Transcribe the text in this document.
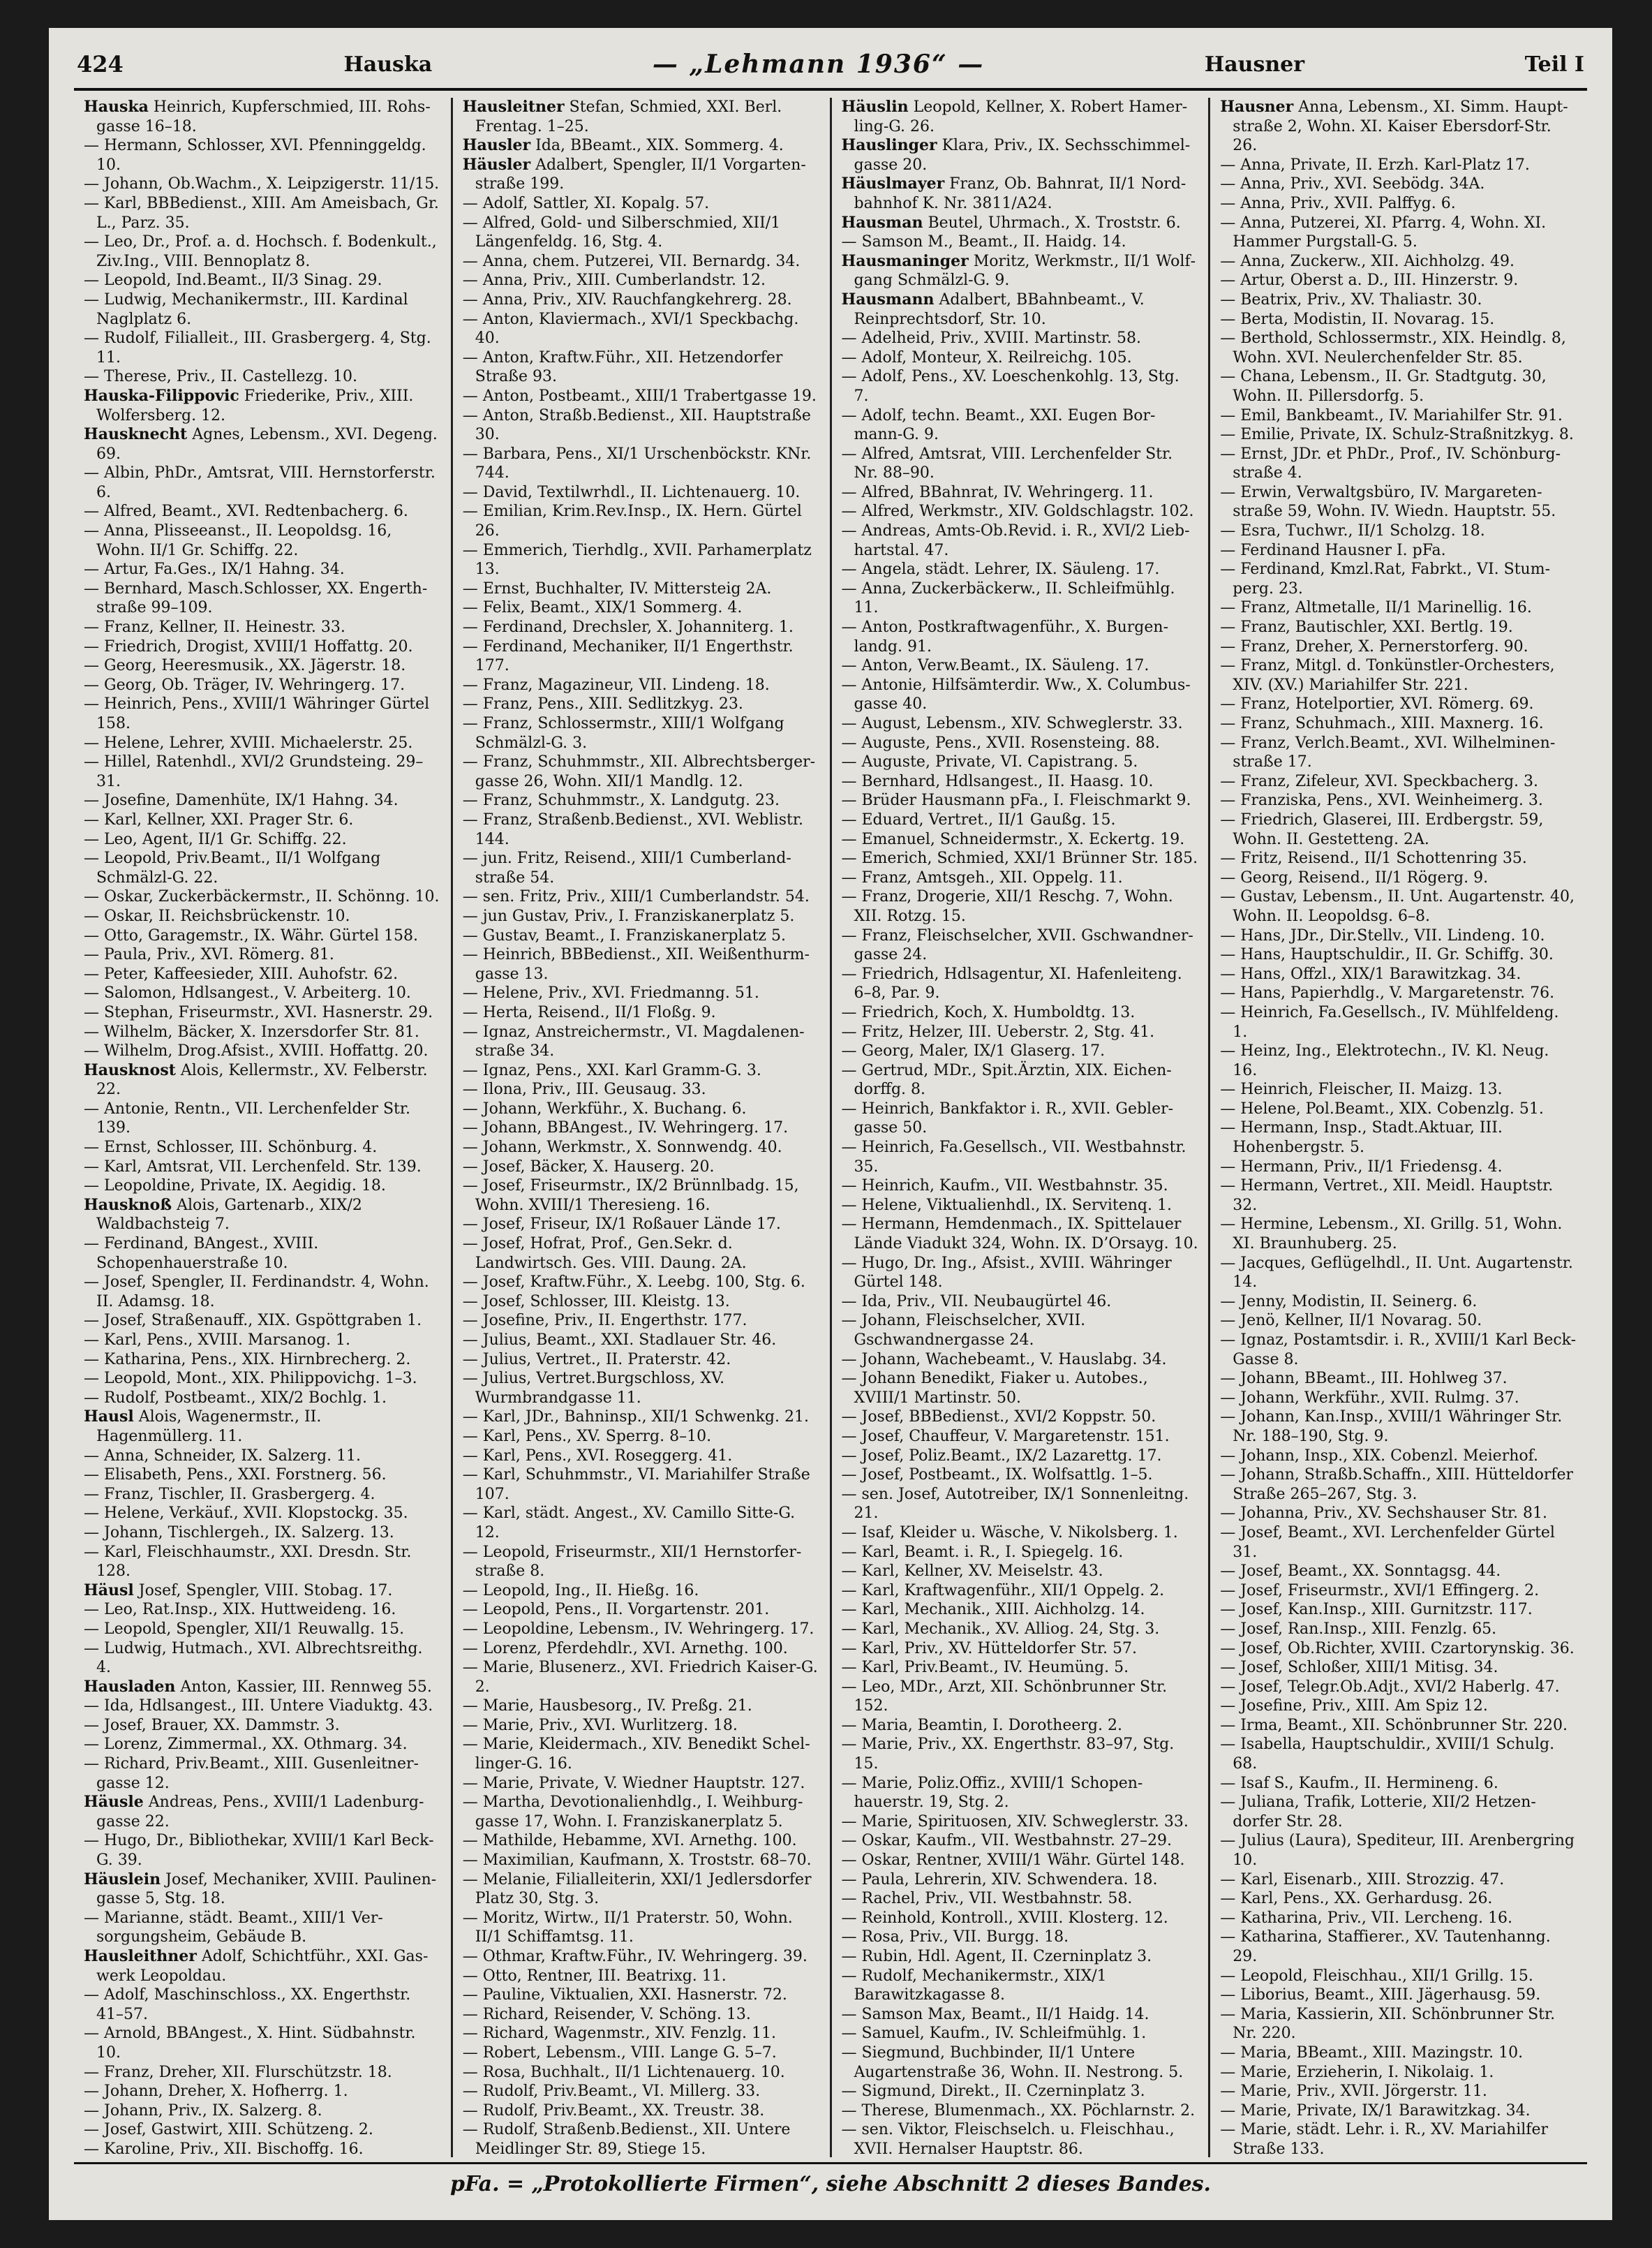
424	Hauska	— „Lehmann 1936“ —	Hausner	Teil I
Hauska Heinrich, Kupferschmied, III. Rohsgasse 16–18.
— Hermann, Schlosser, XVI. Pfenninggeldg. 10.
— Johann, Ob.Wachm., X. Leipzigerstr. 11/15.
— Karl, BBBedienst., XIII. Am Ameisbach, Gr. L., Parz. 35.
— Leo, Dr., Prof. a. d. Hochsch. f. Bodenkult., Ziv.Ing., VIII. Bennoplatz 8.
— Leopold, Ind.Beamt., II/3 Sinag. 29.
— Ludwig, Mechanikermstr., III. Kardinal Naglplatz 6.
— Rudolf, Filialleit., III. Grasbergerg. 4, Stg. 11.
— Therese, Priv., II. Castellezg. 10.
Hauska-Filippovic Friederike, Priv., XIII. Wolfersberg. 12.
Hausknecht Agnes, Lebensm., XVI. Degeng. 69.
— Albin, PhDr., Amtsrat, VIII. Hernstorferstr. 6.
— Alfred, Beamt., XVI. Redtenbacherg. 6.
— Anna, Plisseeanst., II. Leopoldsg. 16, Wohn. II/1 Gr. Schiffg. 22.
— Artur, Fa.Ges., IX/1 Hahng. 34.
— Bernhard, Masch.Schlosser, XX. Engerthstraße 99–109.
— Franz, Kellner, II. Heinestr. 33.
— Friedrich, Drogist, XVIII/1 Hoffattg. 20.
— Georg, Heeresmusik., XX. Jägerstr. 18.
— Georg, Ob. Träger, IV. Wehringerg. 17.
— Heinrich, Pens., XVIII/1 Währinger Gürtel 158.
— Helene, Lehrer, XVIII. Michaelerstr. 25.
— Hillel, Ratenhdl., XVI/2 Grundsteing. 29–31.
— Josefine, Damenhüte, IX/1 Hahng. 34.
— Karl, Kellner, XXI. Prager Str. 6.
— Leo, Agent, II/1 Gr. Schiffg. 22.
— Leopold, Priv.Beamt., II/1 Wolfgang Schmälzl-G. 22.
— Oskar, Zuckerbäckermstr., II. Schönng. 10.
— Oskar, II. Reichsbrückenstr. 10.
— Otto, Garagemstr., IX. Währ. Gürtel 158.
— Paula, Priv., XVI. Römerg. 81.
— Peter, Kaffeesieder, XIII. Auhofstr. 62.
— Salomon, Hdlsangest., V. Arbeiterg. 10.
— Stephan, Friseurmstr., XVI. Hasnerstr. 29.
— Wilhelm, Bäcker, X. Inzersdorfer Str. 81.
— Wilhelm, Drog.Afsist., XVIII. Hoffattg. 20.
Hausknost Alois, Kellermstr., XV. Felberstr. 22.
— Antonie, Rentn., VII. Lerchenfelder Str. 139.
— Ernst, Schlosser, III. Schönburg. 4.
— Karl, Amtsrat, VII. Lerchenfeld. Str. 139.
— Leopoldine, Private, IX. Aegidig. 18.
Hausknoß Alois, Gartenarb., XIX/2 Waldbachsteig 7.
— Ferdinand, BAngest., XVIII. Schopenhauerstraße 10.
— Josef, Spengler, II. Ferdinandstr. 4, Wohn. II. Adamsg. 18.
— Josef, Straßenauff., XIX. Gspöttgraben 1.
— Karl, Pens., XVIII. Marsanog. 1.
— Katharina, Pens., XIX. Hirnbrecherg. 2.
— Leopold, Mont., XIX. Philippovichg. 1–3.
— Rudolf, Postbeamt., XIX/2 Bochlg. 1.
Hausl Alois, Wagenermstr., II. Hagenmüllerg. 11.
— Anna, Schneider, IX. Salzerg. 11.
— Elisabeth, Pens., XXI. Forstnerg. 56.
— Franz, Tischler, II. Grasbergerg. 4.
— Helene, Verkäuf., XVII. Klopstockg. 35.
— Johann, Tischlergeh., IX. Salzerg. 13.
— Karl, Fleischhaumstr., XXI. Dresdn. Str. 128.
Häusl Josef, Spengler, VIII. Stobag. 17.
— Leo, Rat.Insp., XIX. Huttweideng. 16.
— Leopold, Spengler, XII/1 Reuwallg. 15.
— Ludwig, Hutmach., XVI. Albrechtsreithg. 4.
Hausladen Anton, Kassier, III. Rennweg 55.
— Ida, Hdlsangest., III. Untere Viaduktg. 43.
— Josef, Brauer, XX. Dammstr. 3.
— Lorenz, Zimmermal., XX. Othmarg. 34.
— Richard, Priv.Beamt., XIII. Gusenleitnergasse 12.
Häusle Andreas, Pens., XVIII/1 Ladenburggasse 22.
— Hugo, Dr., Bibliothekar, XVIII/1 Karl Beck-G. 39.
Häuslein Josef, Mechaniker, XVIII. Paulinengasse 5, Stg. 18.
— Marianne, städt. Beamt., XIII/1 Versorgungsheim, Gebäude B.
Hausleithner Adolf, Schichtführ., XXI. Gaswerk Leopoldau.
— Adolf, Maschinschloss., XX. Engerthstr. 41–57.
— Arnold, BBAngest., X. Hint. Südbahnstr. 10.
— Franz, Dreher, XII. Flurschützstr. 18.
— Johann, Dreher, X. Hofherrg. 1.
— Johann, Priv., IX. Salzerg. 8.
— Josef, Gastwirt, XIII. Schützeng. 2.
— Karoline, Priv., XII. Bischoffg. 16.
Hausleitner Stefan, Schmied, XXI. Berl. Frentag. 1–25.
Hausler Ida, BBeamt., XIX. Sommerg. 4.
Häusler Adalbert, Spengler, II/1 Vorgartenstraße 199.
— Adolf, Sattler, XI. Kopalg. 57.
— Alfred, Gold- und Silberschmied, XII/1 Längenfeldg. 16, Stg. 4.
— Anna, chem. Putzerei, VII. Bernardg. 34.
— Anna, Priv., XIII. Cumberlandstr. 12.
— Anna, Priv., XIV. Rauchfangkehrerg. 28.
— Anton, Klaviermach., XVI/1 Speckbachg. 40.
— Anton, Kraftw.Führ., XII. Hetzendorfer Straße 93.
— Anton, Postbeamt., XIII/1 Trabertgasse 19.
— Anton, Straßb.Bedienst., XII. Hauptstraße 30.
— Barbara, Pens., XI/1 Urschenböckstr. KNr. 744.
— David, Textilwrhdl., II. Lichtenauerg. 10.
— Emilian, Krim.Rev.Insp., IX. Hern. Gürtel 26.
— Emmerich, Tierhdlg., XVII. Parhamerplatz 13.
— Ernst, Buchhalter, IV. Mittersteig 2A.
— Felix, Beamt., XIX/1 Sommerg. 4.
— Ferdinand, Drechsler, X. Johanniterg. 1.
— Ferdinand, Mechaniker, II/1 Engerthstr. 177.
— Franz, Magazineur, VII. Lindeng. 18.
— Franz, Pens., XIII. Sedlitzkyg. 23.
— Franz, Schlossermstr., XIII/1 Wolfgang Schmälzl-G. 3.
— Franz, Schuhmmstr., XII. Albrechtsbergergasse 26, Wohn. XII/1 Mandlg. 12.
— Franz, Schuhmmstr., X. Landgutg. 23.
— Franz, Straßenb.Bedienst., XVI. Weblistr. 144.
— jun. Fritz, Reisend., XIII/1 Cumberlandstraße 54.
— sen. Fritz, Priv., XIII/1 Cumberlandstr. 54.
— jun Gustav, Priv., I. Franziskanerplatz 5.
— Gustav, Beamt., I. Franziskanerplatz 5.
— Heinrich, BBBedienst., XII. Weißenthurmgasse 13.
— Helene, Priv., XVI. Friedmanng. 51.
— Herta, Reisend., II/1 Floßg. 9.
— Ignaz, Anstreichermstr., VI. Magdalenenstraße 34.
— Ignaz, Pens., XXI. Karl Gramm-G. 3.
— Ilona, Priv., III. Geusaug. 33.
— Johann, Werkführ., X. Buchang. 6.
— Johann, BBAngest., IV. Wehringerg. 17.
— Johann, Werkmstr., X. Sonnwendg. 40.
— Josef, Bäcker, X. Hauserg. 20.
— Josef, Friseurmstr., IX/2 Brünnlbadg. 15, Wohn. XVIII/1 Theresieng. 16.
— Josef, Friseur, IX/1 Roßauer Lände 17.
— Josef, Hofrat, Prof., Gen.Sekr. d. Landwirtsch. Ges. VIII. Daung. 2A.
— Josef, Kraftw.Führ., X. Leebg. 100, Stg. 6.
— Josef, Schlosser, III. Kleistg. 13.
— Josefine, Priv., II. Engerthstr. 177.
— Julius, Beamt., XXI. Stadlauer Str. 46.
— Julius, Vertret., II. Praterstr. 42.
— Julius, Vertret.Burgschloss, XV. Wurmbrandgasse 11.
— Karl, JDr., Bahninsp., XII/1 Schwenkg. 21.
— Karl, Pens., XV. Sperrg. 8–10.
— Karl, Pens., XVI. Roseggerg. 41.
— Karl, Schuhmmstr., VI. Mariahilfer Straße 107.
— Karl, städt. Angest., XV. Camillo Sitte-G. 12.
— Leopold, Friseurmstr., XII/1 Hernstorferstraße 8.
— Leopold, Ing., II. Hießg. 16.
— Leopold, Pens., II. Vorgartenstr. 201.
— Leopoldine, Lebensm., IV. Wehringerg. 17.
— Lorenz, Pferdehdlr., XVI. Arnethg. 100.
— Marie, Blusenerz., XVI. Friedrich Kaiser-G. 2.
— Marie, Hausbesorg., IV. Preßg. 21.
— Marie, Priv., XVI. Wurlitzerg. 18.
— Marie, Kleidermach., XIV. Benedikt Schellinger-G. 16.
— Marie, Private, V. Wiedner Hauptstr. 127.
— Martha, Devotionalienhdlg., I. Weihburggasse 17, Wohn. I. Franziskanerplatz 5.
— Mathilde, Hebamme, XVI. Arnethg. 100.
— Maximilian, Kaufmann, X. Troststr. 68–70.
— Melanie, Filialleiterin, XXI/1 Jedlersdorfer Platz 30, Stg. 3.
— Moritz, Wirtw., II/1 Praterstr. 50, Wohn. II/1 Schiffamtsg. 11.
— Othmar, Kraftw.Führ., IV. Wehringerg. 39.
— Otto, Rentner, III. Beatrixg. 11.
— Pauline, Viktualien, XXI. Hasnerstr. 72.
— Richard, Reisender, V. Schöng. 13.
— Richard, Wagenmstr., XIV. Fenzlg. 11.
— Robert, Lebensm., VIII. Lange G. 5–7.
— Rosa, Buchhalt., II/1 Lichtenauerg. 10.
— Rudolf, Priv.Beamt., VI. Millerg. 33.
— Rudolf, Priv.Beamt., XX. Treustr. 38.
— Rudolf, Straßenb.Bedienst., XII. Untere Meidlinger Str. 89, Stiege 15.
Häuslin Leopold, Kellner, X. Robert Hamerling-G. 26.
Hauslinger Klara, Priv., IX. Sechsschimmelgasse 20.
Häuslmayer Franz, Ob. Bahnrat, II/1 Nordbahnhof K. Nr. 3811/A24.
Hausman Beutel, Uhrmach., X. Troststr. 6.
— Samson M., Beamt., II. Haidg. 14.
Hausmaninger Moritz, Werkmstr., II/1 Wolfgang Schmälzl-G. 9.
Hausmann Adalbert, BBahnbeamt., V. Reinprechtsdorf, Str. 10.
— Adelheid, Priv., XVIII. Martinstr. 58.
— Adolf, Monteur, X. Reilreichg. 105.
— Adolf, Pens., XV. Loeschenkohlg. 13, Stg. 7.
— Adolf, techn. Beamt., XXI. Eugen Bormann-G. 9.
— Alfred, Amtsrat, VIII. Lerchenfelder Str. Nr. 88–90.
— Alfred, BBahnrat, IV. Wehringerg. 11.
— Alfred, Werkmstr., XIV. Goldschlagstr. 102.
— Andreas, Amts-Ob.Revid. i. R., XVI/2 Liebhartstal. 47.
— Angela, städt. Lehrer, IX. Säuleng. 17.
— Anna, Zuckerbäckerw., II. Schleifmühlg. 11.
— Anton, Postkraftwagenführ., X. Burgenlandg. 91.
— Anton, Verw.Beamt., IX. Säuleng. 17.
— Antonie, Hilfsämterdir. Ww., X. Columbusgasse 40.
— August, Lebensm., XIV. Schweglerstr. 33.
— Auguste, Pens., XVII. Rosensteing. 88.
— Auguste, Private, VI. Capistrang. 5.
— Bernhard, Hdlsangest., II. Haasg. 10.
— Brüder Hausmann pFa., I. Fleischmarkt 9.
— Eduard, Vertret., II/1 Gaußg. 15.
— Emanuel, Schneidermstr., X. Eckertg. 19.
— Emerich, Schmied, XXI/1 Brünner Str. 185.
— Franz, Amtsgeh., XII. Oppelg. 11.
— Franz, Drogerie, XII/1 Reschg. 7, Wohn. XII. Rotzg. 15.
— Franz, Fleischselcher, XVII. Gschwandnergasse 24.
— Friedrich, Hdlsagentur, XI. Hafenleiteng. 6–8, Par. 9.
— Friedrich, Koch, X. Humboldtg. 13.
— Fritz, Helzer, III. Ueberstr. 2, Stg. 41.
— Georg, Maler, IX/1 Glaserg. 17.
— Gertrud, MDr., Spit.Ärztin, XIX. Eichendorffg. 8.
— Heinrich, Bankfaktor i. R., XVII. Geblergasse 50.
— Heinrich, Fa.Gesellsch., VII. Westbahnstr. 35.
— Heinrich, Kaufm., VII. Westbahnstr. 35.
— Helene, Viktualienhdl., IX. Servitenq. 1.
— Hermann, Hemdenmach., IX. Spittelauer Lände Viadukt 324, Wohn. IX. D’Orsayg. 10.
— Hugo, Dr. Ing., Afsist., XVIII. Währinger Gürtel 148.
— Ida, Priv., VII. Neubaugürtel 46.
— Johann, Fleischselcher, XVII. Gschwandnergasse 24.
— Johann, Wachebeamt., V. Hauslabg. 34.
— Johann Benedikt, Fiaker u. Autobes., XVIII/1 Martinstr. 50.
— Josef, BBBedienst., XVI/2 Koppstr. 50.
— Josef, Chauffeur, V. Margaretenstr. 151.
— Josef, Poliz.Beamt., IX/2 Lazarettg. 17.
— Josef, Postbeamt., IX. Wolfsattlg. 1–5.
— sen. Josef, Autotreiber, IX/1 Sonnenleitng. 21.
— Isaf, Kleider u. Wäsche, V. Nikolsberg. 1.
— Karl, Beamt. i. R., I. Spiegelg. 16.
— Karl, Kellner, XV. Meiselstr. 43.
— Karl, Kraftwagenführ., XII/1 Oppelg. 2.
— Karl, Mechanik., XIII. Aichholzg. 14.
— Karl, Mechanik., XV. Alliog. 24, Stg. 3.
— Karl, Priv., XV. Hütteldorfer Str. 57.
— Karl, Priv.Beamt., IV. Heumüng. 5.
— Leo, MDr., Arzt, XII. Schönbrunner Str. 152.
— Maria, Beamtin, I. Dorotheerg. 2.
— Marie, Priv., XX. Engerthstr. 83–97, Stg. 15.
— Marie, Poliz.Offiz., XVIII/1 Schopenhauerstr. 19, Stg. 2.
— Marie, Spirituosen, XIV. Schweglerstr. 33.
— Oskar, Kaufm., VII. Westbahnstr. 27–29.
— Oskar, Rentner, XVIII/1 Währ. Gürtel 148.
— Paula, Lehrerin, XIV. Schwendera. 18.
— Rachel, Priv., VII. Westbahnstr. 58.
— Reinhold, Kontroll., XVIII. Klosterg. 12.
— Rosa, Priv., VII. Burgg. 18.
— Rubin, Hdl. Agent, II. Czerninplatz 3.
— Rudolf, Mechanikermstr., XIX/1 Barawitzkagasse 8.
— Samson Max, Beamt., II/1 Haidg. 14.
— Samuel, Kaufm., IV. Schleifmühlg. 1.
— Siegmund, Buchbinder, II/1 Untere Augartenstraße 36, Wohn. II. Nestrong. 5.
— Sigmund, Direkt., II. Czerninplatz 3.
— Therese, Blumenmach., XX. Pöchlarnstr. 2.
— sen. Viktor, Fleischselch. u. Fleischhau., XVII. Hernalser Hauptstr. 86.
Hausner Anna, Lebensm., XI. Simm. Hauptstraße 2, Wohn. XI. Kaiser Ebersdorf-Str. 26.
— Anna, Private, II. Erzh. Karl-Platz 17.
— Anna, Priv., XVI. Seebödg. 34A.
— Anna, Priv., XVII. Palffyg. 6.
— Anna, Putzerei, XI. Pfarrg. 4, Wohn. XI. Hammer Purgstall-G. 5.
— Anna, Zuckerw., XII. Aichholzg. 49.
— Artur, Oberst a. D., III. Hinzerstr. 9.
— Beatrix, Priv., XV. Thaliastr. 30.
— Berta, Modistin, II. Novarag. 15.
— Berthold, Schlossermstr., XIX. Heindlg. 8, Wohn. XVI. Neulerchenfelder Str. 85.
— Chana, Lebensm., II. Gr. Stadtgutg. 30, Wohn. II. Pillersdorfg. 5.
— Emil, Bankbeamt., IV. Mariahilfer Str. 91.
— Emilie, Private, IX. Schulz-Straßnitzkyg. 8.
— Ernst, JDr. et PhDr., Prof., IV. Schönburgstraße 4.
— Erwin, Verwaltgsbüro, IV. Margaretenstraße 59, Wohn. IV. Wiedn. Hauptstr. 55.
— Esra, Tuchwr., II/1 Scholzg. 18.
— Ferdinand Hausner I. pFa.
— Ferdinand, Kmzl.Rat, Fabrkt., VI. Stumperg. 23.
— Franz, Altmetalle, II/1 Marinellig. 16.
— Franz, Bautischler, XXI. Bertlg. 19.
— Franz, Dreher, X. Pernerstorferg. 90.
— Franz, Mitgl. d. Tonkünstler-Orchesters, XIV. (XV.) Mariahilfer Str. 221.
— Franz, Hotelportier, XVI. Römerg. 69.
— Franz, Schuhmach., XIII. Maxnerg. 16.
— Franz, Verlch.Beamt., XVI. Wilhelminenstraße 17.
— Franz, Zifeleur, XVI. Speckbacherg. 3.
— Franziska, Pens., XVI. Weinheimerg. 3.
— Friedrich, Glaserei, III. Erdbergstr. 59, Wohn. II. Gestetteng. 2A.
— Fritz, Reisend., II/1 Schottenring 35.
— Georg, Reisend., II/1 Rögerg. 9.
— Gustav, Lebensm., II. Unt. Augartenstr. 40, Wohn. II. Leopoldsg. 6–8.
— Hans, JDr., Dir.Stellv., VII. Lindeng. 10.
— Hans, Hauptschuldir., II. Gr. Schiffg. 30.
— Hans, Offzl., XIX/1 Barawitzkag. 34.
— Hans, Papierhdlg., V. Margaretenstr. 76.
— Heinrich, Fa.Gesellsch., IV. Mühlfeldeng. 1.
— Heinz, Ing., Elektrotechn., IV. Kl. Neug. 16.
— Heinrich, Fleischer, II. Maizg. 13.
— Helene, Pol.Beamt., XIX. Cobenzlg. 51.
— Hermann, Insp., Stadt.Aktuar, III. Hohenbergstr. 5.
— Hermann, Priv., II/1 Friedensg. 4.
— Hermann, Vertret., XII. Meidl. Hauptstr. 32.
— Hermine, Lebensm., XI. Grillg. 51, Wohn. XI. Braunhuberg. 25.
— Jacques, Geflügelhdl., II. Unt. Augartenstr. 14.
— Jenny, Modistin, II. Seinerg. 6.
— Jenö, Kellner, II/1 Novarag. 50.
— Ignaz, Postamtsdir. i. R., XVIII/1 Karl Beck-Gasse 8.
— Johann, BBeamt., III. Hohlweg 37.
— Johann, Werkführ., XVII. Rulmg. 37.
— Johann, Kan.Insp., XVIII/1 Währinger Str. Nr. 188–190, Stg. 9.
— Johann, Insp., XIX. Cobenzl. Meierhof.
— Johann, Straßb.Schaffn., XIII. Hütteldorfer Straße 265–267, Stg. 3.
— Johanna, Priv., XV. Sechshauser Str. 81.
— Josef, Beamt., XVI. Lerchenfelder Gürtel 31.
— Josef, Beamt., XX. Sonntagsg. 44.
— Josef, Friseurmstr., XVI/1 Effingerg. 2.
— Josef, Kan.Insp., XIII. Gurnitzstr. 117.
— Josef, Ran.Insp., XIII. Fenzlg. 65.
— Josef, Ob.Richter, XVIII. Czartorynskig. 36.
— Josef, Schloßer, XIII/1 Mitisg. 34.
— Josef, Telegr.Ob.Adjt., XVI/2 Haberlg. 47.
— Josefine, Priv., XIII. Am Spiz 12.
— Irma, Beamt., XII. Schönbrunner Str. 220.
— Isabella, Hauptschuldir., XVIII/1 Schulg. 68.
— Isaf S., Kaufm., II. Hermineng. 6.
— Juliana, Trafik, Lotterie, XII/2 Hetzendorfer Str. 28.
— Julius (Laura), Spediteur, III. Arenbergring 10.
— Karl, Eisenarb., XIII. Strozzig. 47.
— Karl, Pens., XX. Gerhardusg. 26.
— Katharina, Priv., VII. Lercheng. 16.
— Katharina, Staffierer., XV. Tautenhanng. 29.
— Leopold, Fleischhau., XII/1 Grillg. 15.
— Liborius, Beamt., XIII. Jägerhausg. 59.
— Maria, Kassierin, XII. Schönbrunner Str. Nr. 220.
— Maria, BBeamt., XIII. Mazingstr. 10.
— Marie, Erzieherin, I. Nikolaig. 1.
— Marie, Priv., XVII. Jörgerstr. 11.
— Marie, Private, IX/1 Barawitzkag. 34.
— Marie, städt. Lehr. i. R., XV. Mariahilfer Straße 133.
pFa. = „Protokollierte Firmen“, siehe Abschnitt 2 dieses Bandes.
